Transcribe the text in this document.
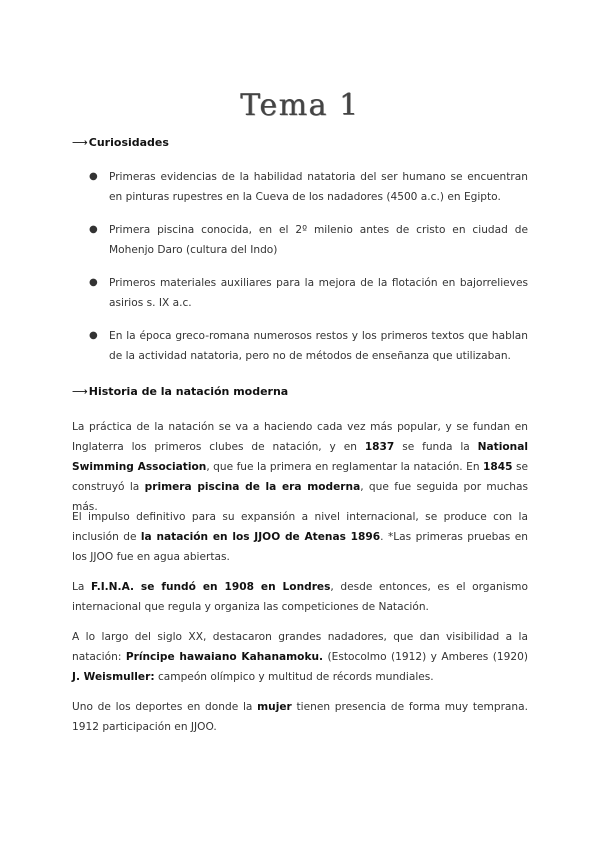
Tema 1
⟶Curiosidades
● Primeras evidencias de la habilidad natatoria del ser humano se encuentran en pinturas rupestres en la Cueva de los nadadores (4500 a.c.) en Egipto.
● Primera piscina conocida, en el 2º milenio antes de cristo en ciudad de Mohenjo Daro (cultura del Indo)
● Primeros materiales auxiliares para la mejora de la flotación en bajorrelieves asirios s. IX a.c.
● En la época greco-romana numerosos restos y los primeros textos que hablan de la actividad natatoria, pero no de métodos de enseñanza que utilizaban.
⟶Historia de la natación moderna

La práctica de la natación se va a haciendo cada vez más popular, y se fundan en Inglaterra los primeros clubes de natación, y en 1837 se funda la National Swimming Association, que fue la primera en reglamentar la natación. En 1845 se construyó la primera piscina de la era moderna, que fue seguida por muchas más.

El impulso definitivo para su expansión a nivel internacional, se produce con la inclusión de la natación en los JJOO de Atenas 1896. *Las primeras pruebas en los JJOO fue en agua abiertas.

La F.I.N.A. se fundó en 1908 en Londres, desde entonces, es el organismo internacional que regula y organiza las competiciones de Natación.

A lo largo del siglo XX, destacaron grandes nadadores, que dan visibilidad a la natación: Príncipe hawaiano Kahanamoku. (Estocolmo (1912) y Amberes (1920) J. Weismuller: campeón olímpico y multitud de récords mundiales.

Uno de los deportes en donde la mujer tienen presencia de forma muy temprana. 1912 participación en JJOO.
